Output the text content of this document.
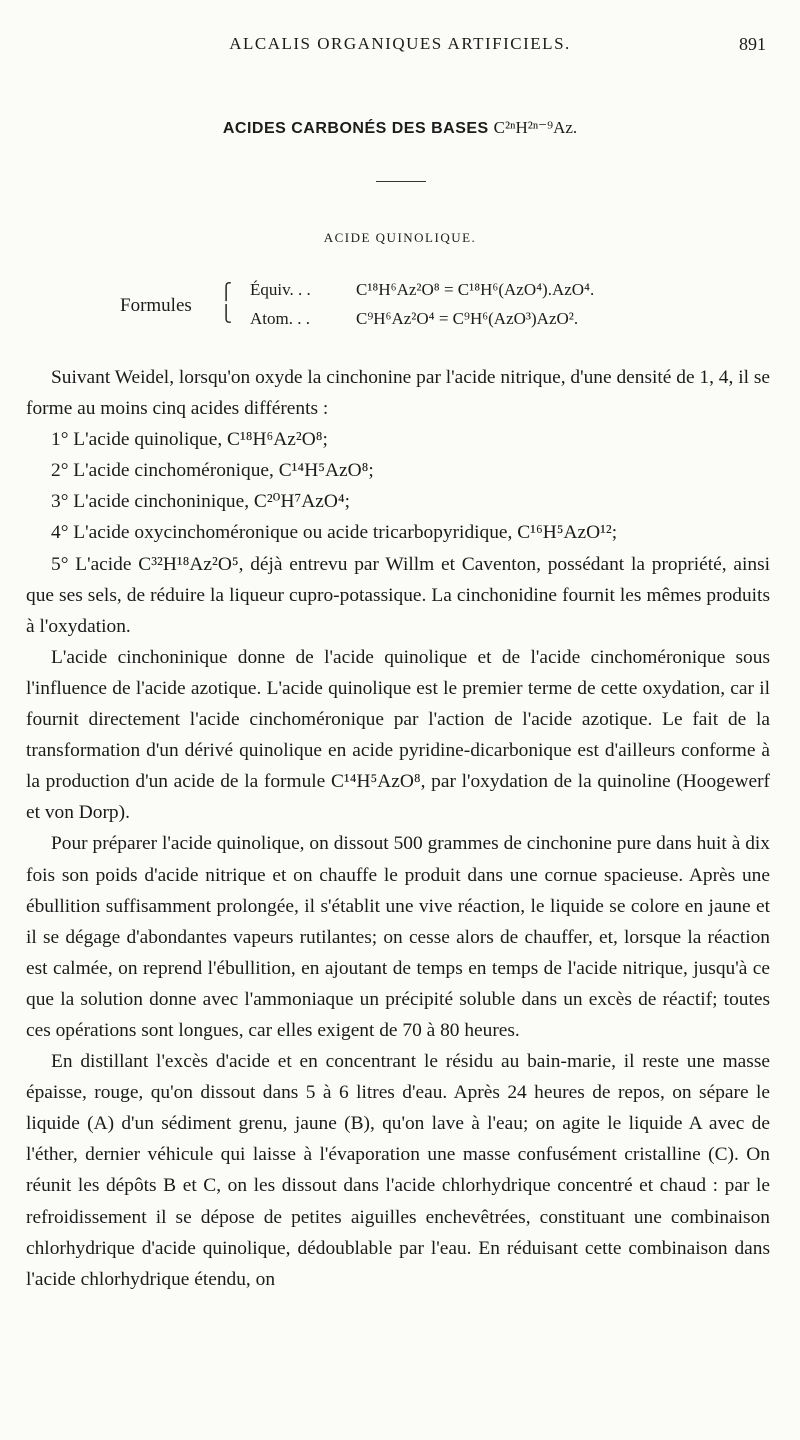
ALCALIS ORGANIQUES ARTIFICIELS.	891
ACIDES CARBONÉS DES BASES C²ⁿH²ⁿ⁻⁹Az.
ACIDE QUINOLIQUE.
Formules
⎧
⎩
Équiv. . .	C¹⁸H⁶Az²O⁸ = C¹⁸H⁶(AzO⁴).AzO⁴.
Atom. . .	C⁹H⁶Az²O⁴ = C⁹H⁶(AzO³)AzO².

Suivant Weidel, lorsqu'on oxyde la cinchonine par l'acide nitrique, d'une densité de 1, 4, il se forme au moins cinq acides différents :

1° L'acide quinolique, C¹⁸H⁶Az²O⁸;

2° L'acide cinchoméronique, C¹⁴H⁵AzO⁸;

3° L'acide cinchoninique, C²⁰H⁷AzO⁴;

4° L'acide oxycinchoméronique ou acide tricarbopyridique, C¹⁶H⁵AzO¹²;

5° L'acide C³²H¹⁸Az²O⁵, déjà entrevu par Willm et Caventon, possédant la propriété, ainsi que ses sels, de réduire la liqueur cupro-potassique. La cinchonidine fournit les mêmes produits à l'oxydation.

L'acide cinchoninique donne de l'acide quinolique et de l'acide cinchoméronique sous l'influence de l'acide azotique. L'acide quinolique est le premier terme de cette oxydation, car il fournit directement l'acide cinchoméronique par l'action de l'acide azotique. Le fait de la transformation d'un dérivé quinolique en acide pyridine-dicarbonique est d'ailleurs conforme à la production d'un acide de la formule C¹⁴H⁵AzO⁸, par l'oxydation de la quinoline (Hoogewerf et von Dorp).

Pour préparer l'acide quinolique, on dissout 500 grammes de cinchonine pure dans huit à dix fois son poids d'acide nitrique et on chauffe le produit dans une cornue spacieuse. Après une ébullition suffisamment prolongée, il s'établit une vive réaction, le liquide se colore en jaune et il se dégage d'abondantes vapeurs rutilantes; on cesse alors de chauffer, et, lorsque la réaction est calmée, on reprend l'ébullition, en ajoutant de temps en temps de l'acide nitrique, jusqu'à ce que la solution donne avec l'ammoniaque un précipité soluble dans un excès de réactif; toutes ces opérations sont longues, car elles exigent de 70 à 80 heures.

En distillant l'excès d'acide et en concentrant le résidu au bain-marie, il reste une masse épaisse, rouge, qu'on dissout dans 5 à 6 litres d'eau. Après 24 heures de repos, on sépare le liquide (A) d'un sédiment grenu, jaune (B), qu'on lave à l'eau; on agite le liquide A avec de l'éther, dernier véhicule qui laisse à l'évaporation une masse confusément cristalline (C). On réunit les dépôts B et C, on les dissout dans l'acide chlorhydrique concentré et chaud : par le refroidissement il se dépose de petites aiguilles enchevêtrées, constituant une combinaison chlorhydrique d'acide quinolique, dédoublable par l'eau. En réduisant cette combinaison dans l'acide chlorhydrique étendu, on
